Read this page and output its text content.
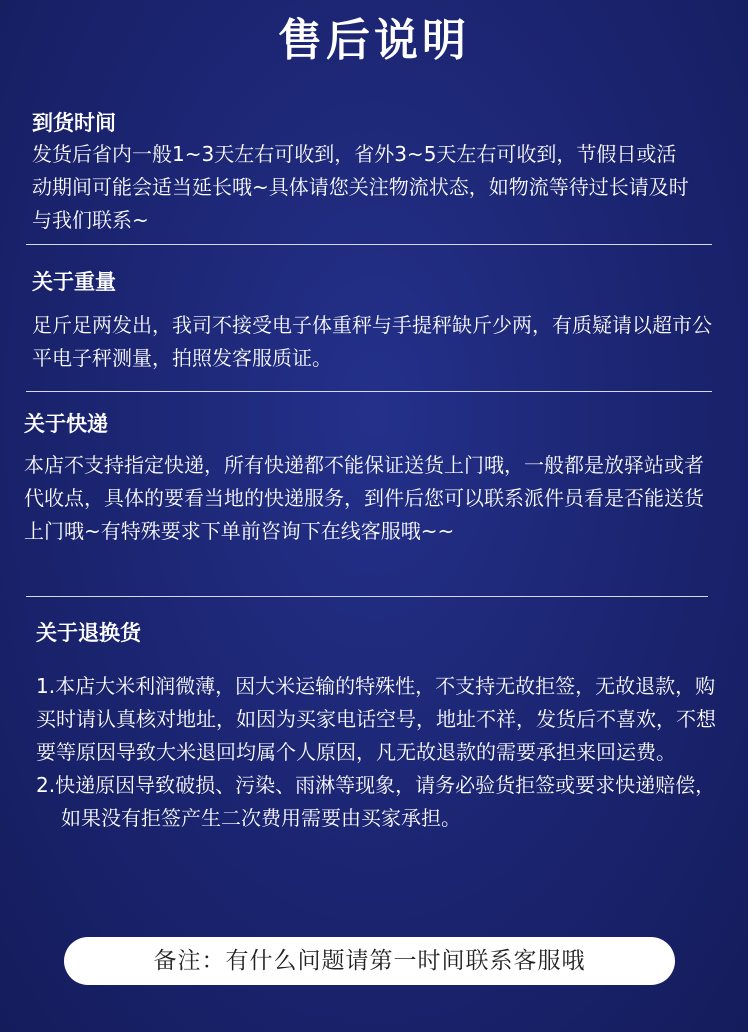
售后说明
到货时间

发货后省内一般1~3天左右可收到，省外3~5天左右可收到，节假日或活动期间可能会适当延长哦~具体请您关注物流状态，如物流等待过长请及时与我们联系~

关于重量

足斤足两发出，我司不接受电子体重秤与手提秤缺斤少两，有质疑请以超市公平电子秤测量，拍照发客服质证。

关于快递

本店不支持指定快递，所有快递都不能保证送货上门哦，一般都是放驿站或者代收点，具体的要看当地的快递服务，到件后您可以联系派件员看是否能送货上门哦~有特殊要求下单前咨询下在线客服哦~~

关于退换货

1.本店大米利润微薄，因大米运输的特殊性，不支持无故拒签，无故退款，购买时请认真核对地址，如因为买家电话空号，地址不祥，发货后不喜欢，不想要等原因导致大米退回均属个人原因，凡无故退款的需要承担来回运费。

2.快递原因导致破损、污染、雨淋等现象，请务必验货拒签或要求快递赔偿，如果没有拒签产生二次费用需要由买家承担。

备注：有什么问题请第一时间联系客服哦
